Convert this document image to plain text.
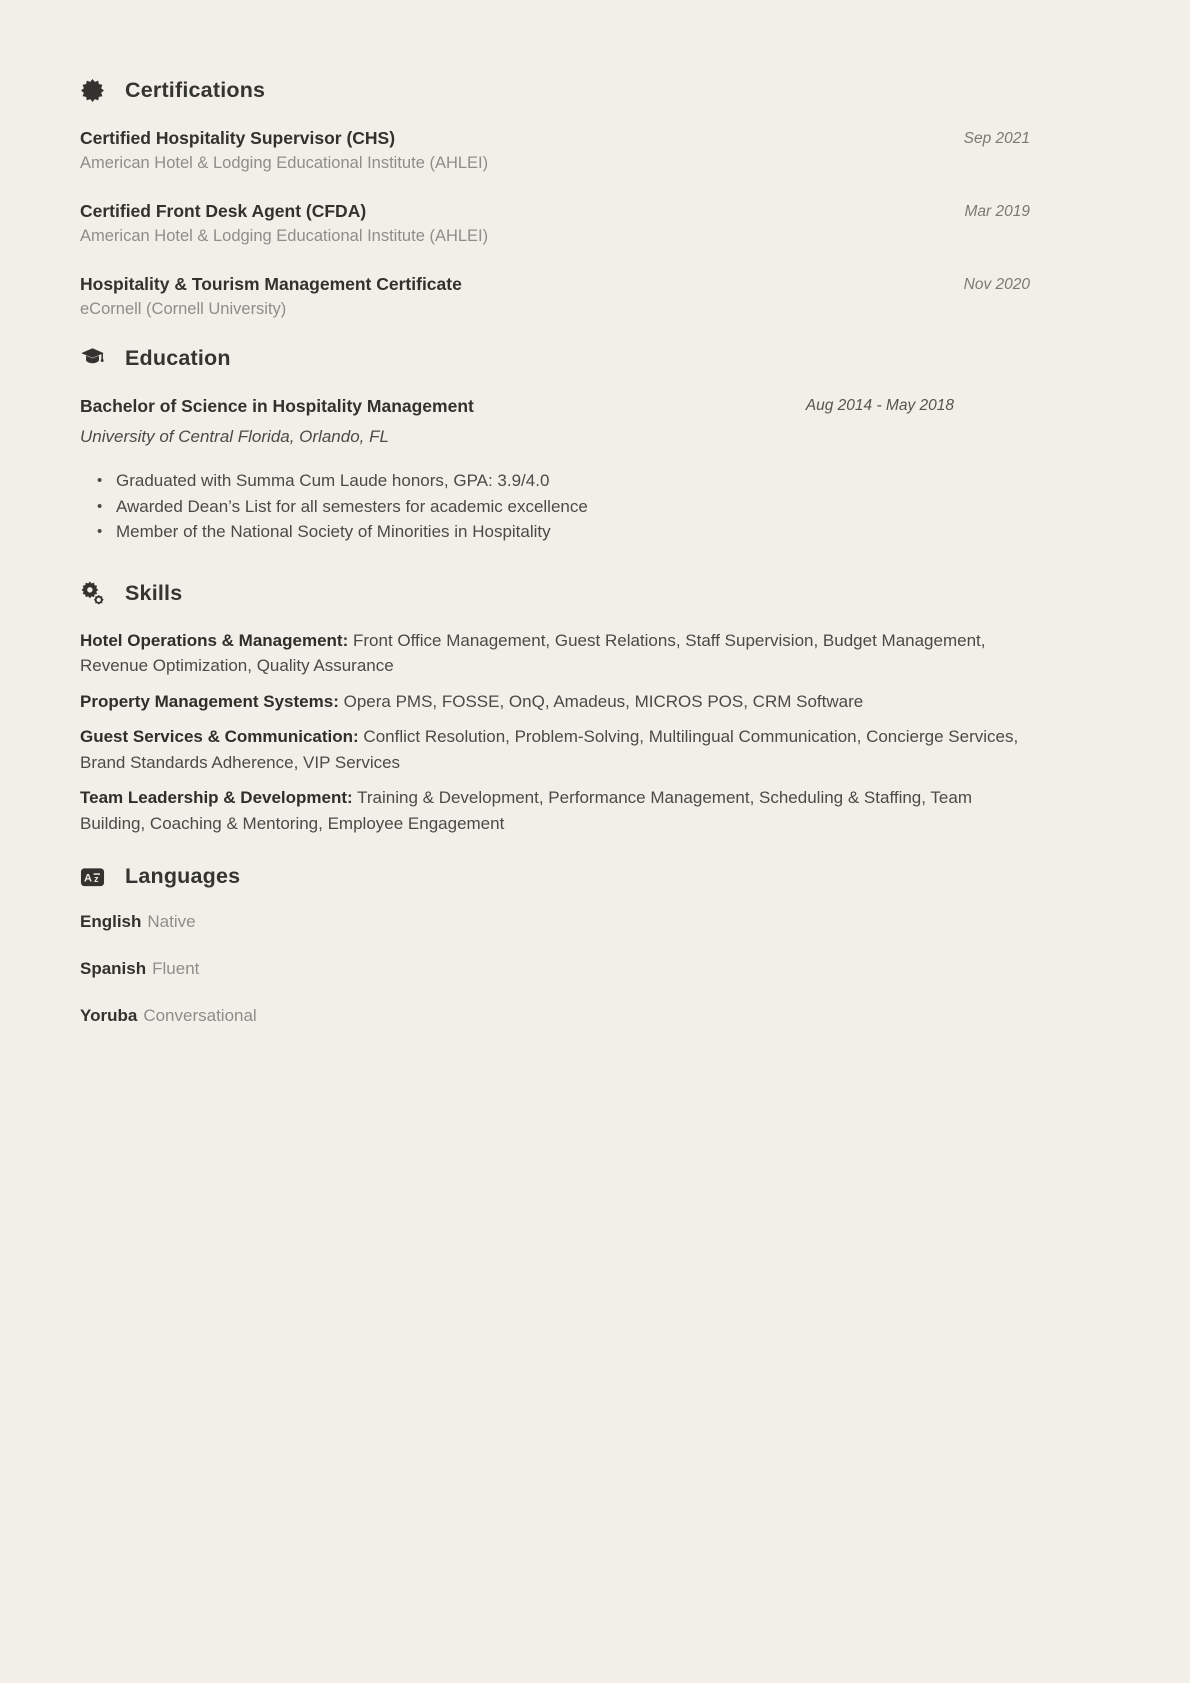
Certifications
Certified Hospitality Supervisor (CHS)
American Hotel & Lodging Educational Institute (AHLEI)
Sep 2021
Certified Front Desk Agent (CFDA)
American Hotel & Lodging Educational Institute (AHLEI)
Mar 2019
Hospitality & Tourism Management Certificate
eCornell (Cornell University)
Nov 2020
Education
Bachelor of Science in Hospitality Management	Aug 2014 - May 2018
University of Central Florida, Orlando, FL
• Graduated with Summa Cum Laude honors, GPA: 3.9/4.0
• Awarded Dean’s List for all semesters for academic excellence
• Member of the National Society of Minorities in Hospitality
Skills

Hotel Operations & Management: Front Office Management, Guest Relations, Staff Supervision, Budget Management, Revenue Optimization, Quality Assurance

Property Management Systems: Opera PMS, FOSSE, OnQ, Amadeus, MICROS POS, CRM Software

Guest Services & Communication: Conflict Resolution, Problem-Solving, Multilingual Communication, Concierge Services, Brand Standards Adherence, VIP Services

Team Leadership & Development: Training & Development, Performance Management, Scheduling & Staffing, Team Building, Coaching & Mentoring, Employee Engagement

A z Languages
English Native
Spanish Fluent
Yoruba Conversational
